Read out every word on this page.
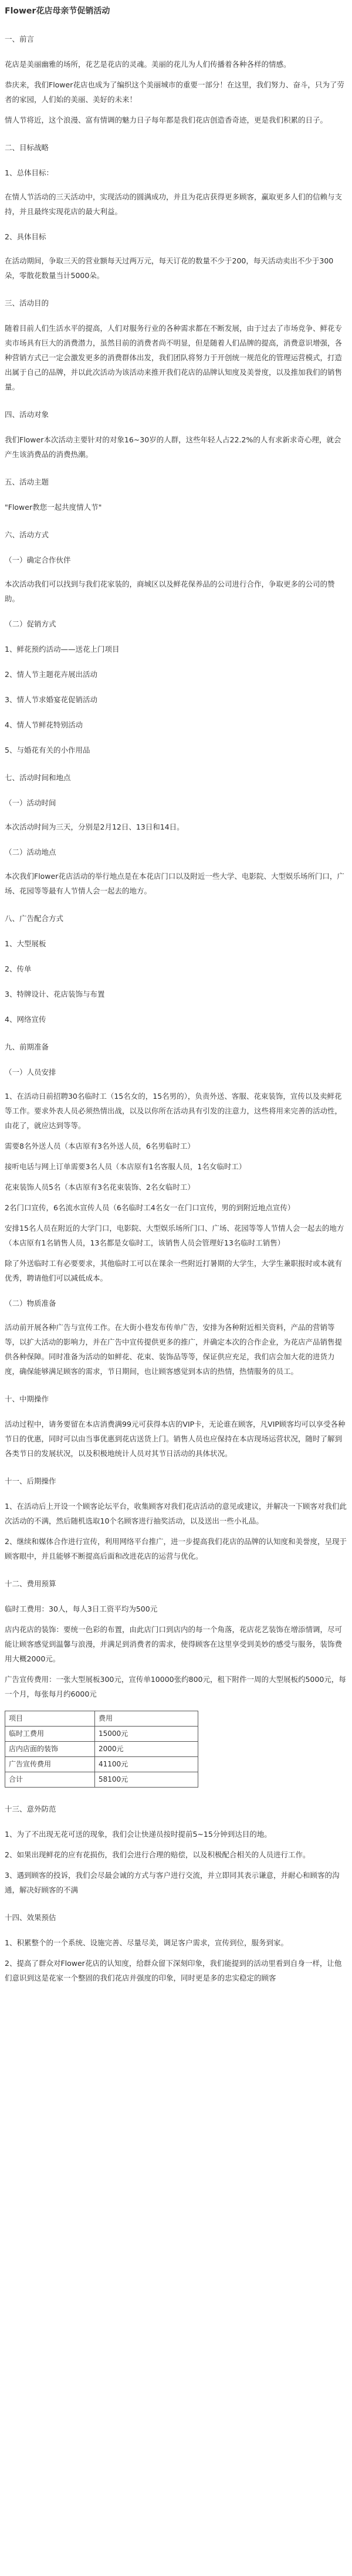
Flower花店母亲节促销活动
一、前言
花店是美丽幽雅的场所，花艺是花店的灵魂。美丽的花儿为人们传播着各种各样的情感。
恭庆来，我们Flower花店也成为了编织这个美丽城市的重要一部分！在这里，我们努力、奋斗，只为了劳者的家园，人们始的美丽、美好的未来！
情人节将近，这个浪漫、富有情调的魅力日子每年都是我们花店创造香奇迹，更是我们积累的日子。
二、目标战略
1、总体目标：
在情人节活动的三天活动中，实现活动的圆满成功，并且为花店获得更多顾客，赢取更多人们的信赖与支持，并且最终实现花店的最大利益。
2、具体目标
在活动期间，争取三天的营业额每天过两万元，每天订花的数量不少于200，每天活动卖出不少于300朵，零散花数量当计5000朵。
三、活动目的
随着目前人们生活水平的提高，人们对服务行业的各种需求都在不断发展，由于过去了市场竞争、鲜花专卖市场具有巨大的消费潜力，虽然目前的消费者尚不明显，但是随着人们品牌的提高，消费意识增强，各种营销方式已一定会激发更多的消费群体出发，我们团队将努力于开创统一规范化的管理运营模式，打造出属于自己的品牌，并以此次活动为该活动来推开我们花店的品牌认知度及美誉度，以及推加我们的销售量。
四、活动对象
我们Flower本次活动主要针对的对象16~30岁的人群，这些年轻人占22.2%的人有求新求奇心理，就会产生该消费品的消费热潮。
五、活动主题
"Flower教您一起共度情人节"
六、活动方式
（一）确定合作伙伴
本次活动我们可以找到与我们花家装的，商城区以及鲜花保养品的公司进行合作，争取更多的公司的赞助。
（二）促销方式
1、鲜花预约活动——送花上门项目
2、情人节主题花卉展出活动
3、情人节求婚宴花促销活动
4、情人节鲜花特别活动
5、与婚花有关的小作用品
七、活动时间和地点
（一）活动时间
本次活动时间为三天，分别是2月12日、13日和14日。
（二）活动地点
本次我们Flower花店活动的举行地点是在本花店门口以及附近一些大学、电影院、大型娱乐场所门口，广场、花园等等最有人节情人会一起去的地方。
八、广告配合方式
1、大型展板
2、传单
3、特牌设计、花店装饰与布置
4、网络宣传
九、前期准备
（一）人员安排
1、在活动日前招聘30名临时工（15名女的，15名男的），负责外送、客服、花束装饰，宣传以及卖鲜花等工作。要求外表人员必须热情出战，以及以你所在活动具有引发的注意力，这些将用来完善的活动性，由花了，就应达到等等。
需要8名外送人员（本店原有3名外送人员，6名男临时工）
接听电话与网上订单需要3名人员（本店原有1名客服人员，1名女临时工）
花束装饰人员5名（本店原有3名花束装饰、2名女临时工）
2名门口宣传，6名流水宣传人员（6名临时工4名女一在门口宣传，男的到附近地点宣传）
安排15名人员在附近的大学门口，电影院、大型娱乐场所门口、广场、花园等等人节情人会一起去的地方（本店原有1名销售人员，13名都是女临时工，该销售人员会管理好13名临时工销售）
除了外送临时工有必要要求，其他临时工可以在课余一些附近打暑期的大学生，大学生兼职报时或本就有优秀，聘请他们可以减低成本。
（二）物质准备
活动前开展各种广告与宣传工作。在大街小巷发布传单广告，安排为各种附近相关资料，产品的营销等等，以扩大活动的影响力，并在广告中宣传提供更多的推广，并确定本次的合作企业，为花店产品销售提供各种保障。同时准备为活动的如鲜花、花束、装饰品等等，保证供应充足，我们店会加大花的进货力度，确保能够满足顾客的需求，节日期间，也让顾客感觉到本店的热情，热情服务的员工。
十、中期操作
活动过程中，请务要留在本店消费满99元可获得本店的VIP卡，无论谁在顾客，凡VIP顾客均可以享受各种节日的优惠，同时可以由当事优惠到花店送货上门。销售人员也应保持在本店现场运营状况，随时了解到各类节日的发展状况，以及积极地统计人员对其节日活动的具体状况。
十一、后期操作
1、在活动后上开设一个顾客论坛平台，收集顾客对我们花店活动的意见或建议，并解决一下顾客对我们此次活动的不满，然后随机选取10个名顾客进行抽奖活动，以及送出一些小礼品。
2、继续和媒体合作进行宣传，利用网络平台推广，进一步提高我们花店的品牌的认知度和美誉度，呈现于顾客眼中，并且能够不断提高后面和改进花店的运营与优化。
十二、费用预算
临时工费用：30人，每人3日工资平均为500元
店内花店的装饰：要统一色彩的布置，由此店门口到店内的每一个角落，花店花艺装饰在增添情调，尽可能让顾客感觉到温馨与浪漫，并满足到消费者的需求，使得顾客在这里享受到美妙的感受与服务，装饰费用大概2000元。
广告宣传费用：一张大型展板300元，宣传单10000张约800元，租下附件一周的大型展板约5000元，每一个月，每张每月约6000元
项目	费用
临时工费用	15000元
店内店面的装饰	2000元
广告宣传费用	41100元
合计	58100元
十三、意外防范
1、为了不出现无花可送的现象，我们会让快递员按时提前5~15分钟到达目的地。
2、如果出现鲜花的应有花损伤，我们会进行合理的赔偿，以及积极配合相关的人员进行工作。
3、遇到顾客的投诉，我们会尽最会诚的方式与客户进行交流，并立即同其表示谦意，并耐心和顾客的沟通，解决好顾客的不满
十四、效果预估
1、积累整个的一个系统、设施完善、尽量尽美，调足客户需求，宣传到位，服务到家。
2、提高了群众对Flower花店的认知度，给群众留下深刻印象，我们能提到的活动里看到自身一样，让他们意识到这是花家一个整固的我们花店并强度的印象，同时更是多的忠实稳定的顾客
